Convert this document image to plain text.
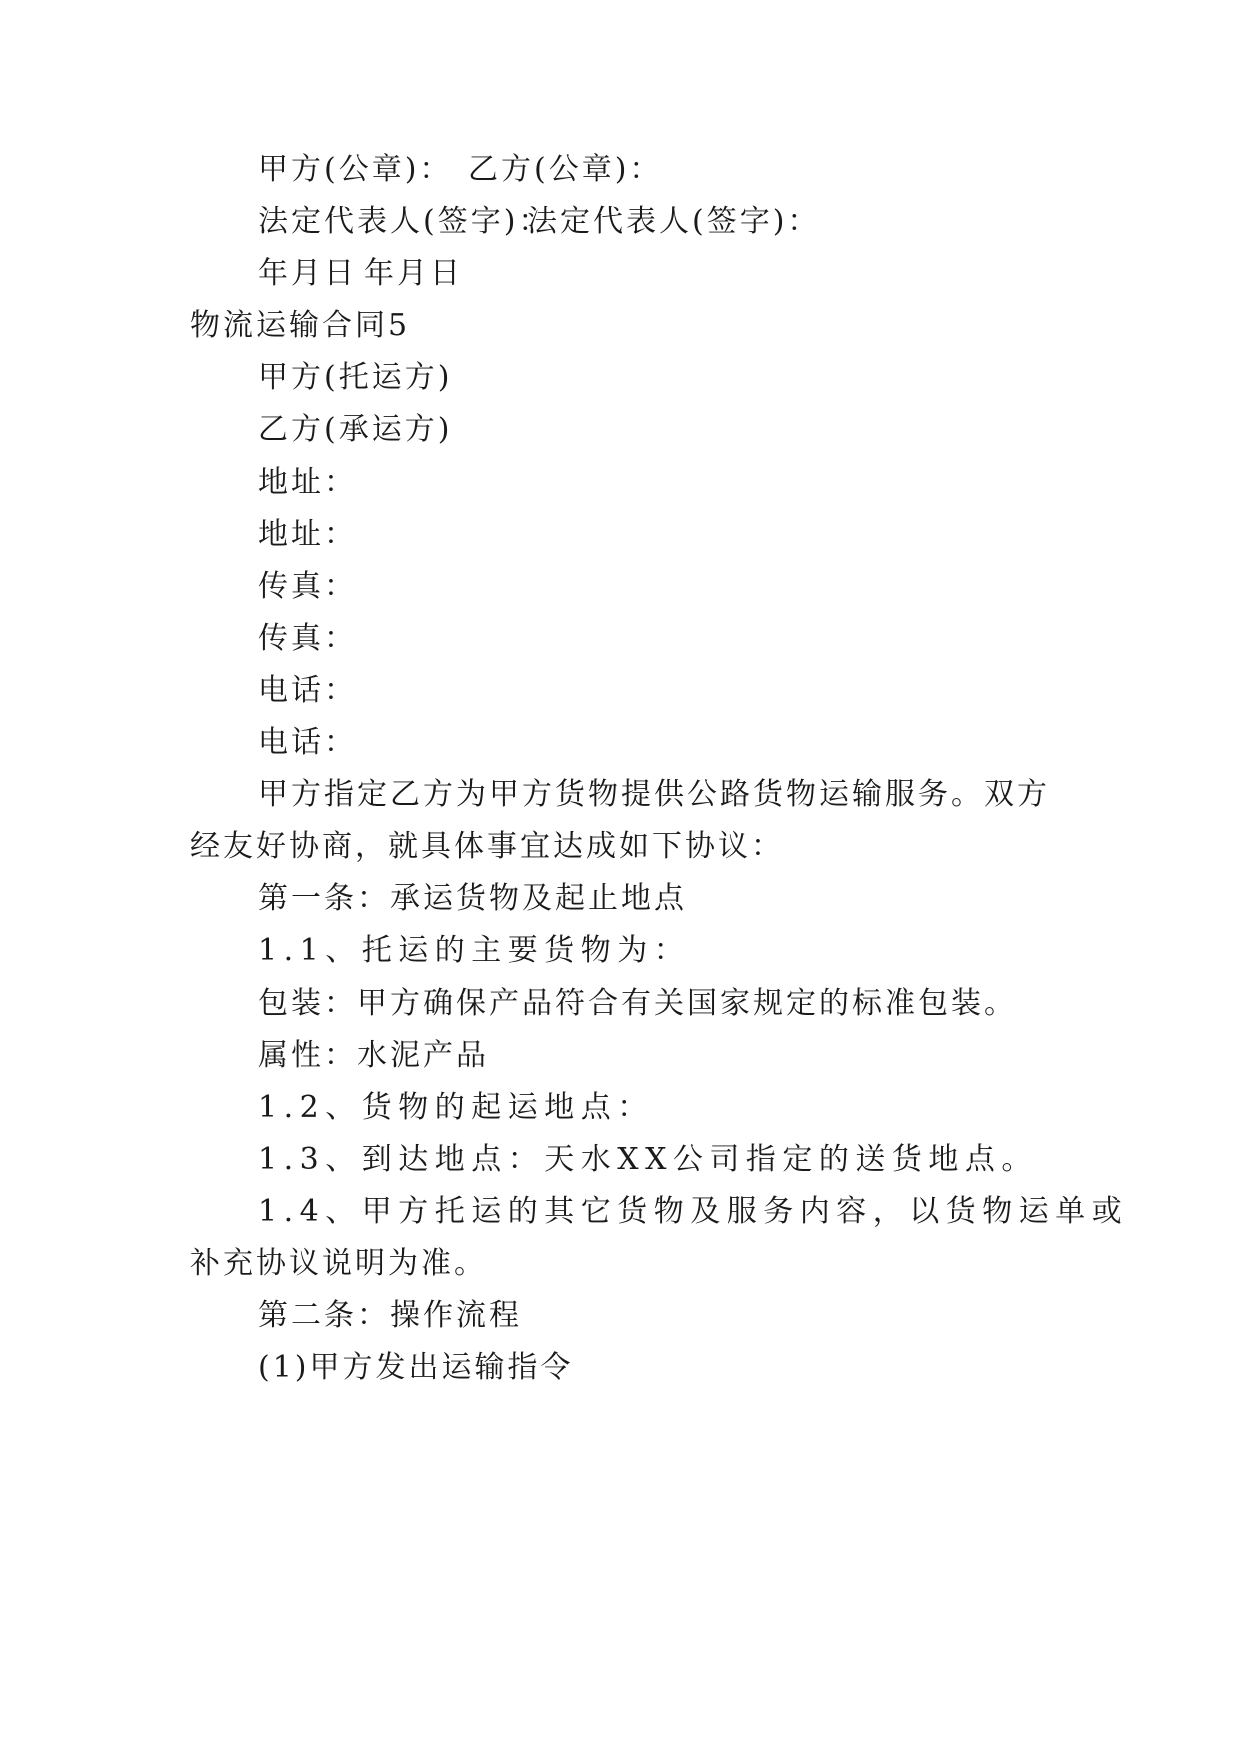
甲方(公章)： 乙方(公章)：
法定代表人(签字)：
法定代表人(签字)：
年月日 年月日
物流运输合同5
甲方(托运方)
乙方(承运方)
地址：
地址：
传真：
传真：
电话：
电话：
甲方指定乙方为甲方货物提供公路货物运输服务。双方
经友好协商，就具体事宜达成如下协议：
第一条：承运货物及起止地点
1.1、托运的主要货物为：
包装：甲方确保产品符合有关国家规定的标准包装。
属性：水泥产品
1.2、货物的起运地点：
1.3、到达地点：天水XX公司指定的送货地点。
1.4、甲方托运的其它货物及服务内容，以货物运单或
补充协议说明为准。
第二条：操作流程
(1)甲方发出运输指令
